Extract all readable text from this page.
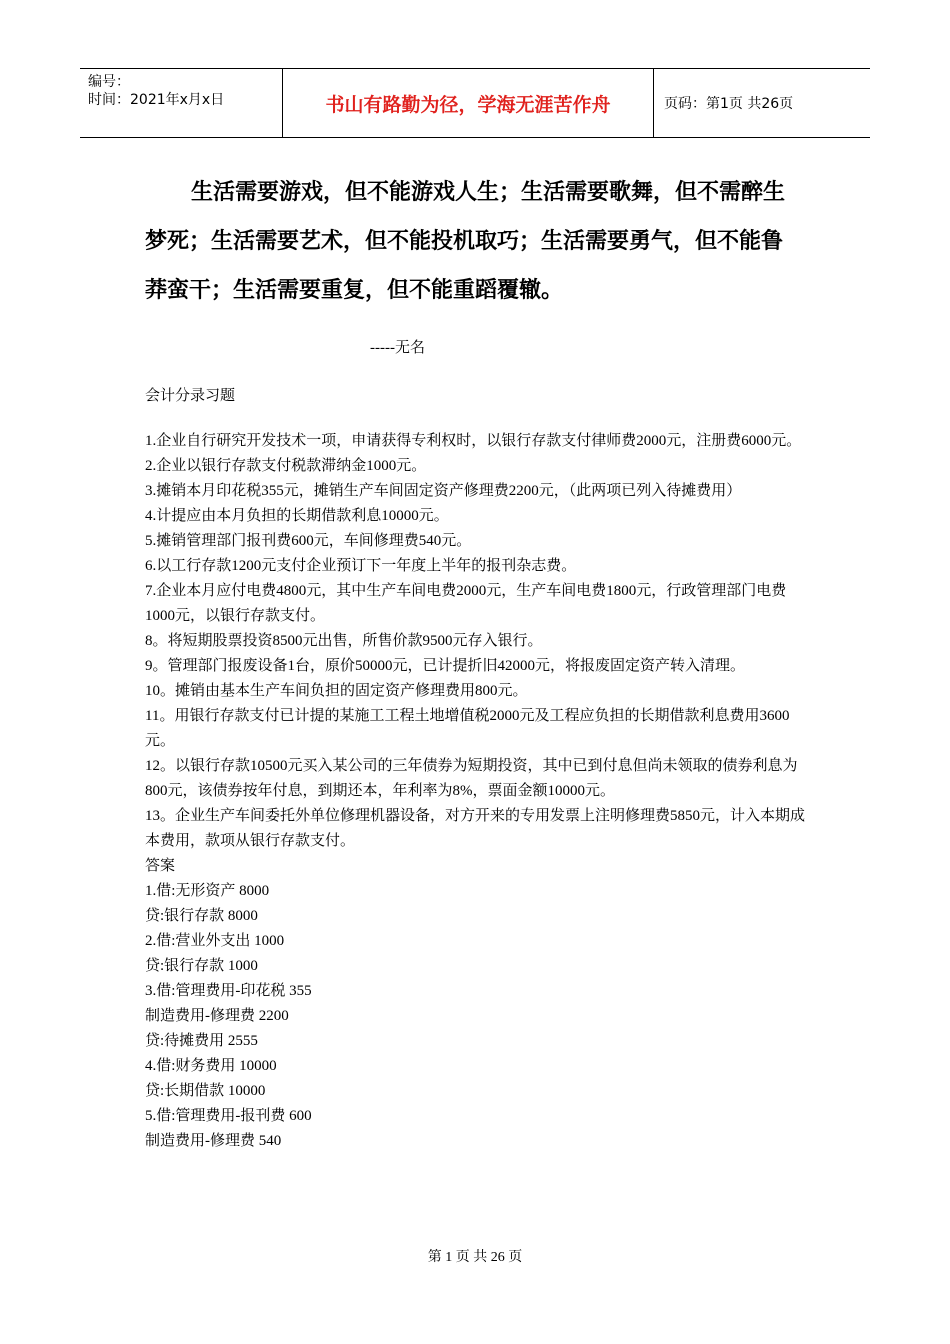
编号：
时间：2021年x月x日	书山有路勤为径，学海无涯苦作舟	页码：第1页 共26页

生活需要游戏，但不能游戏人生；生活需要歌舞，但不需醉生梦死；生活需要艺术，但不能投机取巧；生活需要勇气，但不能鲁莽蛮干；生活需要重复，但不能重蹈覆辙。

-----无名

会计分录习题

1.企业自行研究开发技术一项，申请获得专利权时，以银行存款支付律师费2000元，注册费6000元。

2.企业以银行存款支付税款滞纳金1000元。

3.摊销本月印花税355元，摊销生产车间固定资产修理费2200元，（此两项已列入待摊费用）

4.计提应由本月负担的长期借款利息10000元。

5.摊销管理部门报刊费600元，车间修理费540元。

6.以工行存款1200元支付企业预订下一年度上半年的报刊杂志费。

7.企业本月应付电费4800元，其中生产车间电费2000元，生产车间电费1800元，行政管理部门电费1000元，以银行存款支付。

8。将短期股票投资8500元出售，所售价款9500元存入银行。

9。管理部门报废设备1台，原价50000元，已计提折旧42000元，将报废固定资产转入清理。

10。摊销由基本生产车间负担的固定资产修理费用800元。

11。用银行存款支付已计提的某施工工程土地增值税2000元及工程应负担的长期借款利息费用3600元。

12。以银行存款10500元买入某公司的三年债券为短期投资，其中已到付息但尚未领取的债券利息为800元，该债券按年付息，到期还本，年利率为8%，票面金额10000元。

13。企业生产车间委托外单位修理机器设备，对方开来的专用发票上注明修理费5850元，计入本期成本费用，款项从银行存款支付。

答案

1.借:无形资产 8000

贷:银行存款 8000

2.借:营业外支出 1000

贷:银行存款 1000

3.借:管理费用-印花税 355

制造费用-修理费 2200

贷:待摊费用 2555

4.借:财务费用 10000

贷:长期借款 10000

5.借:管理费用-报刊费 600

制造费用-修理费 540

第 1 页 共 26 页
